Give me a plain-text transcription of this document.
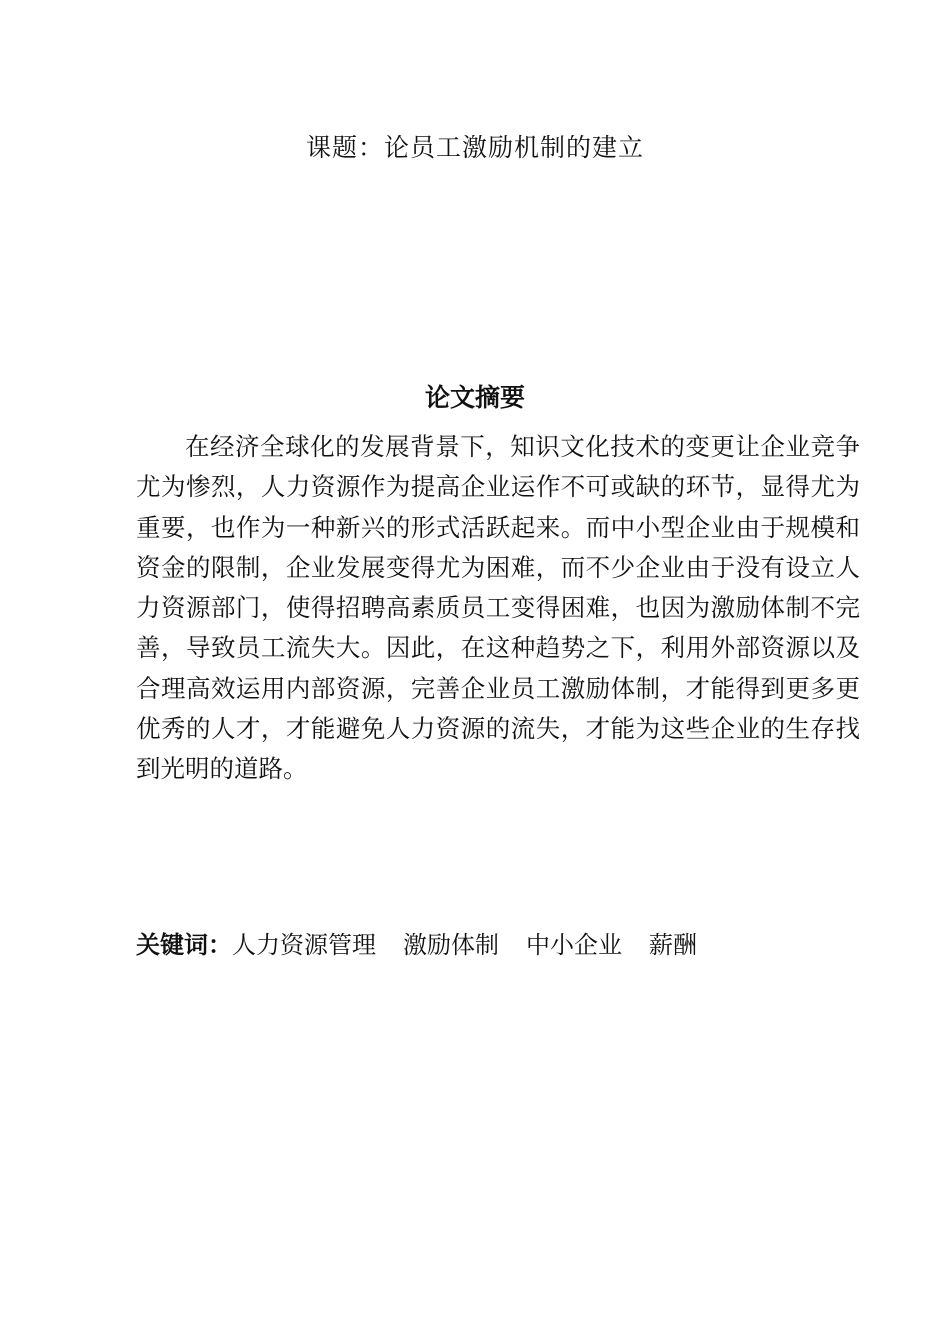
课题：论员工激励机制的建立
论文摘要

在经济全球化的发展背景下，知识文化技术的变更让企业竞争尤为惨烈，人力资源作为提高企业运作不可或缺的环节，显得尤为重要，也作为一种新兴的形式活跃起来。而中小型企业由于规模和资金的限制，企业发展变得尤为困难，而不少企业由于没有设立人力资源部门，使得招聘高素质员工变得困难，也因为激励体制不完善，导致员工流失大。因此，在这种趋势之下，利用外部资源以及合理高效运用内部资源，完善企业员工激励体制，才能得到更多更优秀的人才，才能避免人力资源的流失，才能为这些企业的生存找到光明的道路。

关键词：人力资源管理 激励体制 中小企业 薪酬
